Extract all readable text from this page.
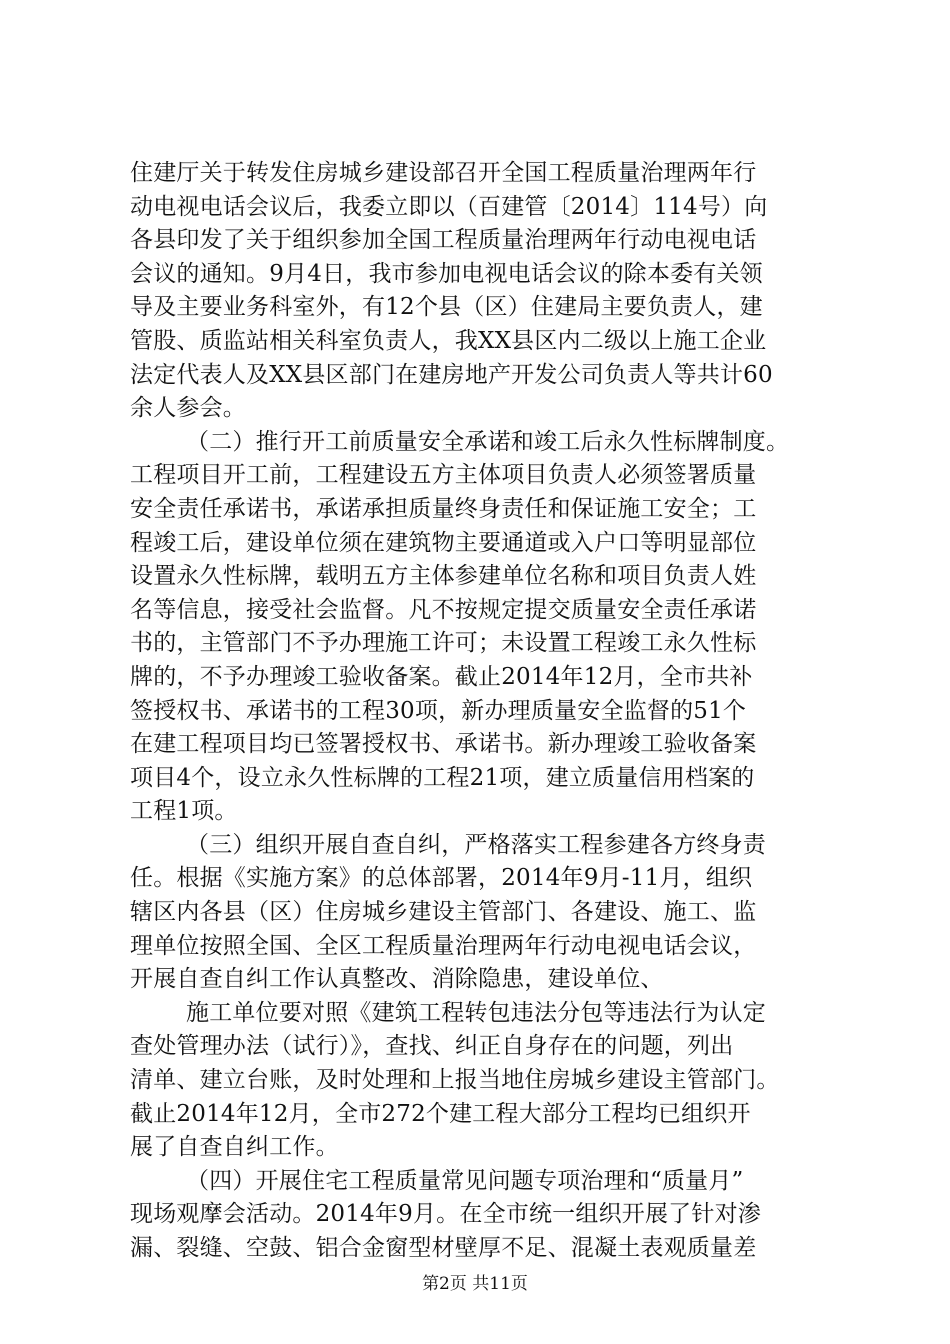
住建厅关于转发住房城乡建设部召开全国工程质量治理两年行
动电视电话会议后，我委立即以（百建管〔2014〕114号）向
各县印发了关于组织参加全国工程质量治理两年行动电视电话
会议的通知。9月4日，我市参加电视电话会议的除本委有关领
导及主要业务科室外，有12个县（区）住建局主要负责人，建
管股、质监站相关科室负责人，我XX县区内二级以上施工企业
法定代表人及XX县区部门在建房地产开发公司负责人等共计60
余人参会。
（二）推行开工前质量安全承诺和竣工后永久性标牌制度。
工程项目开工前，工程建设五方主体项目负责人必须签署质量
安全责任承诺书，承诺承担质量终身责任和保证施工安全；工
程竣工后，建设单位须在建筑物主要通道或入户口等明显部位
设置永久性标牌，载明五方主体参建单位名称和项目负责人姓
名等信息，接受社会监督。凡不按规定提交质量安全责任承诺
书的，主管部门不予办理施工许可；未设置工程竣工永久性标
牌的，不予办理竣工验收备案。截止2014年12月，全市共补
签授权书、承诺书的工程30项，新办理质量安全监督的51个
在建工程项目均已签署授权书、承诺书。新办理竣工验收备案
项目4个，设立永久性标牌的工程21项，建立质量信用档案的
工程1项。
（三）组织开展自查自纠，严格落实工程参建各方终身责
任。根据《实施方案》的总体部署，2014年9月-11月，组织
辖区内各县（区）住房城乡建设主管部门、各建设、施工、监
理单位按照全国、全区工程质量治理两年行动电视电话会议，
开展自查自纠工作认真整改、消除隐患，建设单位、
施工单位要对照《建筑工程转包违法分包等违法行为认定
查处管理办法（试行）》，查找、纠正自身存在的问题，列出
清单、建立台账，及时处理和上报当地住房城乡建设主管部门。
截止2014年12月，全市272个建工程大部分工程均已组织开
展了自查自纠工作。
（四）开展住宅工程质量常见问题专项治理和“质量月”
现场观摩会活动。2014年9月。在全市统一组织开展了针对渗
漏、裂缝、空鼓、铝合金窗型材壁厚不足、混凝土表观质量差
第2页 共11页
